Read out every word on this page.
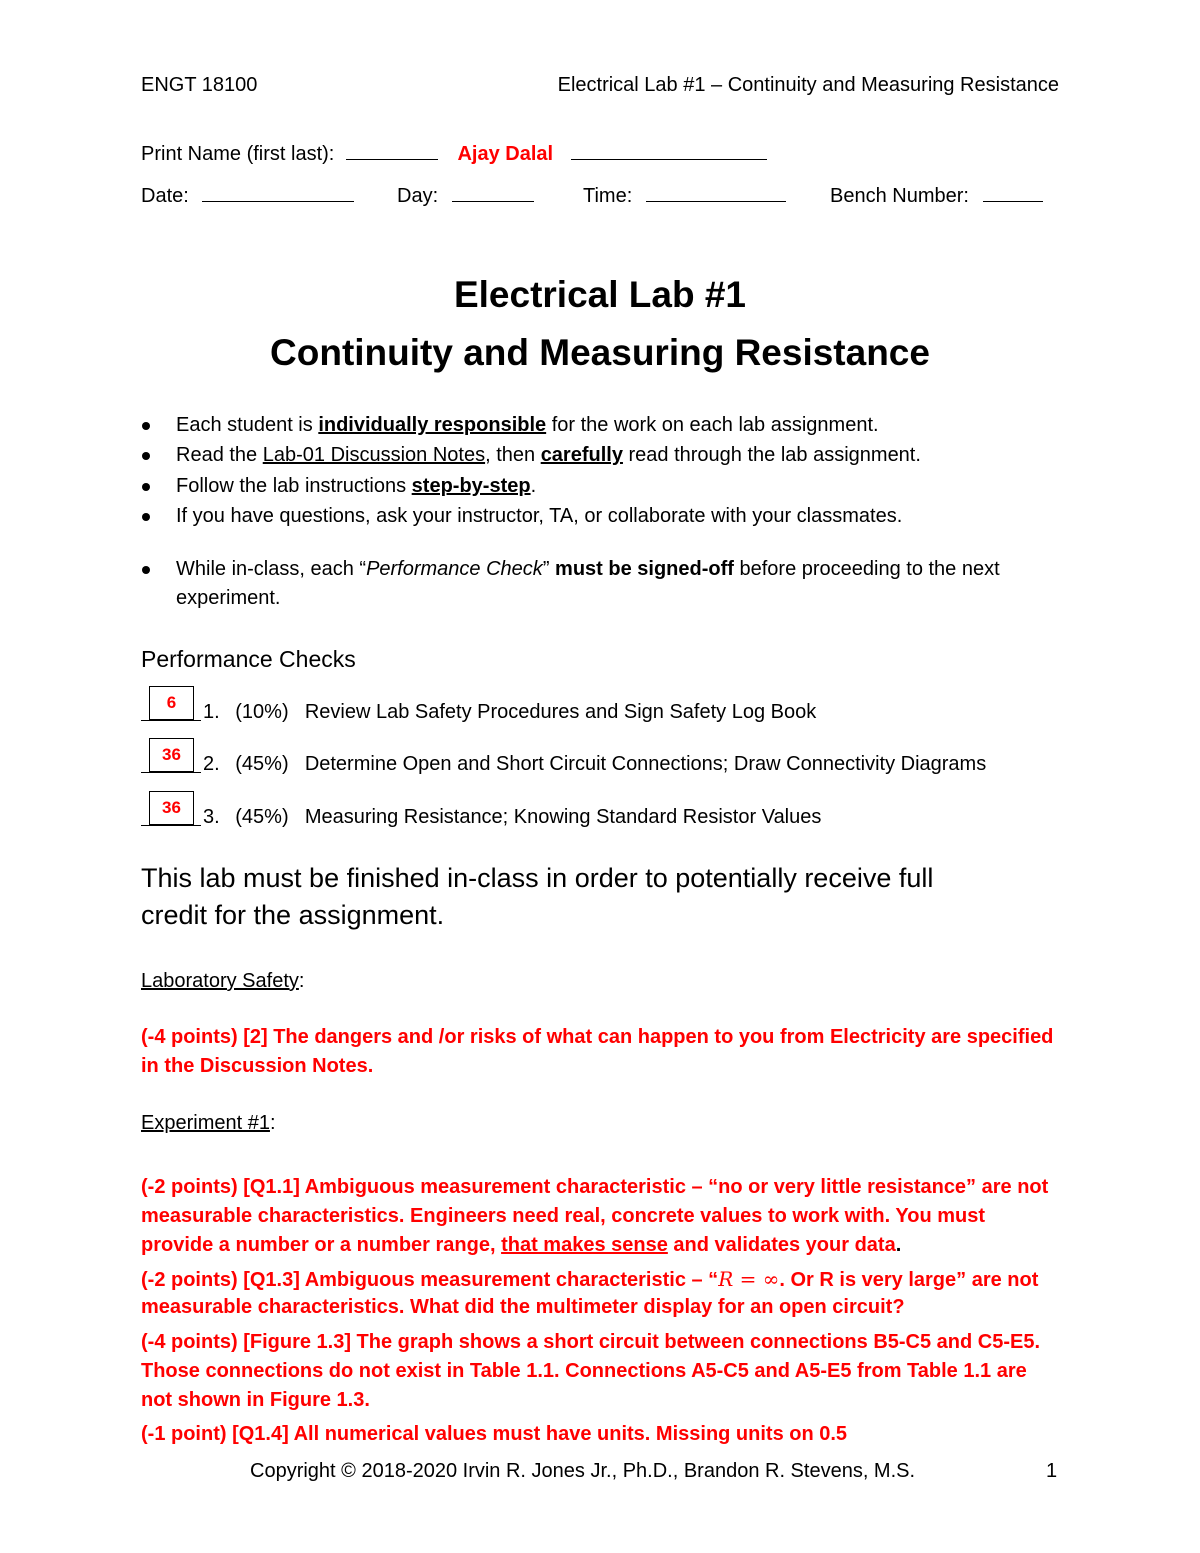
ENGT 18100	Electrical Lab #1 – Continuity and Measuring Resistance
Print Name (first last):	Ajay Dalal
Date:	Day:	Time:	Bench Number:
Electrical Lab #1
Continuity and Measuring Resistance
Each student is individually responsible for the work on each lab assignment.
Read the Lab-01 Discussion Notes, then carefully read through the lab assignment.
Follow the lab instructions step-by-step.
If you have questions, ask your instructor, TA, or collaborate with your classmates.
While in-class, each “Performance Check” must be signed-off before proceeding to the next
experiment.
Performance Checks
6	1. (10%) Review Lab Safety Procedures and Sign Safety Log Book
36	2. (45%) Determine Open and Short Circuit Connections; Draw Connectivity Diagrams
36	3. (45%) Measuring Resistance; Knowing Standard Resistor Values
This lab must be finished in-class in order to potentially receive full
credit for the assignment.
Laboratory Safety:
(-4 points) [2] The dangers and /or risks of what can happen to you from Electricity are specified
in the Discussion Notes.
Experiment #1:
(-2 points) [Q1.1] Ambiguous measurement characteristic – “no or very little resistance” are not
measurable characteristics. Engineers need real, concrete values to work with. You must
provide a number or a number range, that makes sense and validates your data.
(-2 points) [Q1.3] Ambiguous measurement characteristic – “R = ∞. Or R is very large” are not
measurable characteristics. What did the multimeter display for an open circuit?
(-4 points) [Figure 1.3] The graph shows a short circuit between connections B5-C5 and C5-E5.
Those connections do not exist in Table 1.1. Connections A5-C5 and A5-E5 from Table 1.1 are
not shown in Figure 1.3.
(-1 point) [Q1.4] All numerical values must have units. Missing units on 0.5
Copyright © 2018-2020 Irvin R. Jones Jr., Ph.D., Brandon R. Stevens, M.S.	1
